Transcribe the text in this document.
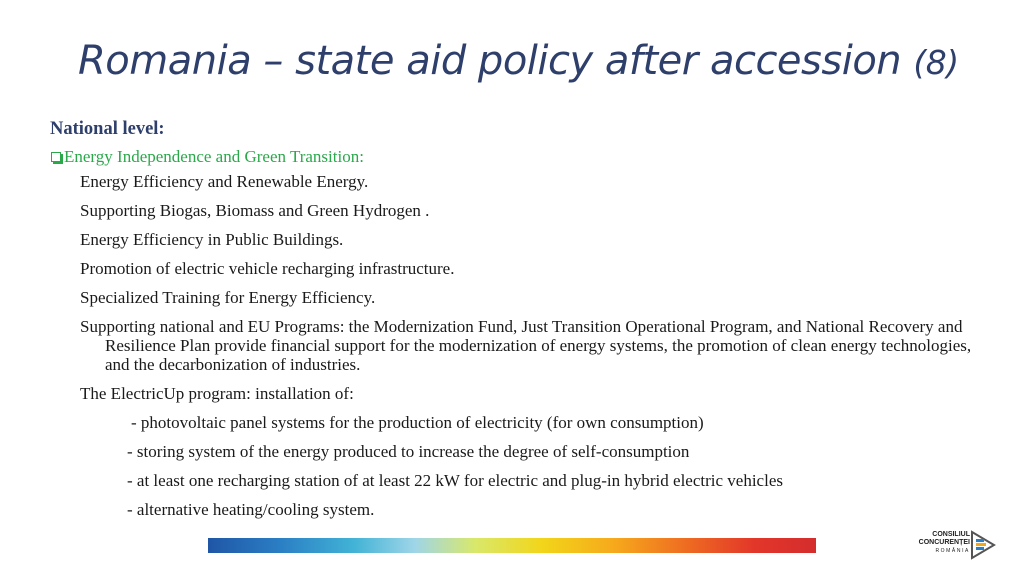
Romania – state aid policy after accession (8)
National level:
Energy Independence and Green Transition:
Energy Efficiency and Renewable Energy.
Supporting Biogas, Biomass and Green Hydrogen .
Energy Efficiency in Public Buildings.
Promotion of electric vehicle recharging infrastructure.
Specialized Training for Energy Efficiency.
Supporting national and EU Programs: the Modernization Fund, Just Transition Operational Program, and National Recovery and Resilience Plan provide financial support for the modernization of energy systems, the promotion of clean energy technologies, and the decarbonization of industries.
The ElectricUp program: installation of:
- photovoltaic panel systems for the production of electricity (for own consumption)
- storing system of the energy produced to increase the degree of self-consumption
- at least one recharging station of at least 22 kW for electric and plug-in hybrid electric vehicles
- alternative heating/cooling system.
CONSILIUL
CONCURENȚEI
ROMÂNIA
